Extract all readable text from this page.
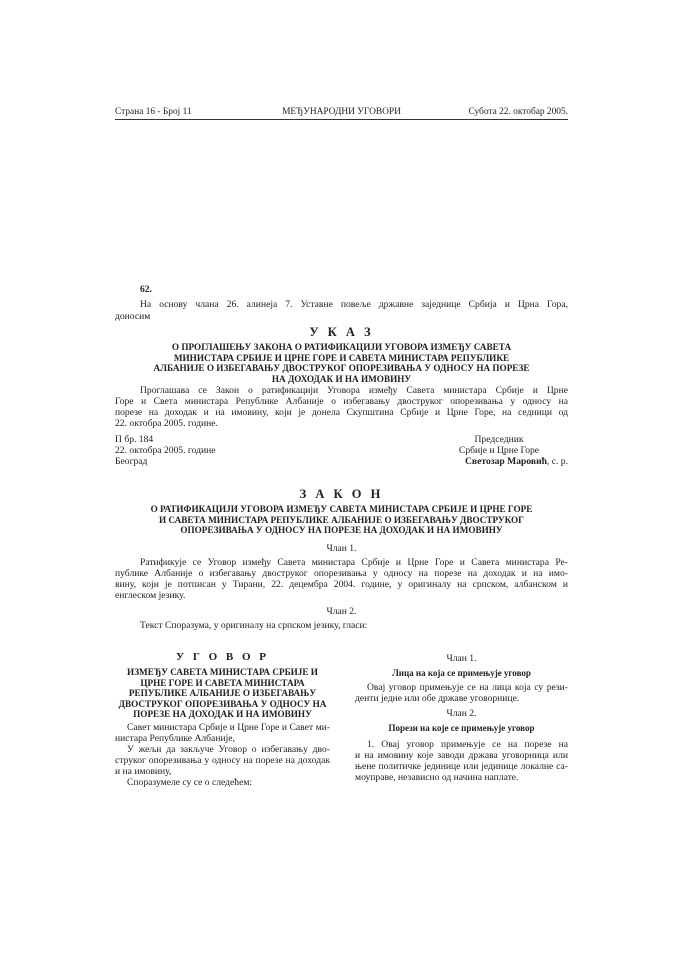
Страна 16 - Број 11	МЕЂУНАРОДНИ УГОВОРИ	Субота 22. октобар 2005.
62.
На основу члана 26. алинеја 7. Уставне повеље државне заједнице Србија и Црна Гора,
доносим
У К А З
О ПРОГЛАШЕЊУ ЗАКОНА О РАТИФИКАЦИЈИ УГОВОРА ИЗМЕЂУ САВЕТА
МИНИСТАРА СРБИЈЕ И ЦРНЕ ГОРЕ И САВЕТА МИНИСТАРА РЕПУБЛИКЕ
АЛБАНИЈЕ О ИЗБЕГАВАЊУ ДВОСТРУКОГ ОПОРЕЗИВАЊА У ОДНОСУ НА ПОРЕЗЕ
НА ДОХОДАК И НА ИМОВИНУ
Проглашава се Закон о ратификацији Уговора између Савета министара Србије и Црне
Горе и Света министара Републике Албаније о избегавању двоструког опорезивања у односу на
порезе на доходак и на имовину, који је донела Скупштина Србије и Црне Горе, на седници од
22. октобра 2005. године.
П бр. 184
22. октобра 2005. године
Београд
Председник
Србије и Црне Горе
Светозар Маровић, с. р.
З А К О Н
О РАТИФИКАЦИЈИ УГОВОРА ИЗМЕЂУ САВЕТА МИНИСТАРА СРБИЈЕ И ЦРНЕ ГОРЕ
И САВЕТА МИНИСТАРА РЕПУБЛИКЕ АЛБАНИЈЕ О ИЗБЕГАВАЊУ ДВОСТРУКОГ
ОПОРЕЗИВАЊА У ОДНОСУ НА ПОРЕЗЕ НА ДОХОДАК И НА ИМОВИНУ
Члан 1.
Ратификује се Уговор између Савета министара Србије и Црне Горе и Савета министара Ре-
публике Албаније о избегавању двоструког опорезивања у односу на порезе на доходак и на имо-
вину, који је потписан у Тирани, 22. децембра 2004. године, у оригиналу на српском, албанском и
енглеском језику.
Члан 2.
Текст Споразума, у оригиналу на српском језику, гласи:
У Г О В О Р
ИЗМЕЂУ САВЕТА МИНИСТАРА СРБИЈЕ И
ЦРНЕ ГОРЕ И САВЕТА МИНИСТАРА
РЕПУБЛИКЕ АЛБАНИЈЕ О ИЗБЕГАВАЊУ
ДВОСТРУКОГ ОПОРЕЗИВАЊА У ОДНОСУ НА
ПОРЕЗЕ НА ДОХОДАК И НА ИМОВИНУ
Савет министара Србије и Црне Горе и Савет ми-
нистара Републике Албаније,
У жељи да закључе Уговор о избегавању дво-
струког опорезивања у односу на порезе на доходак
и на имовину,
Споразумеле су се о следећем:
Члан 1.
Лица на која се примењује уговор
Овај уговор примењује се на лица која су рези-
денти једне или обе државе уговорнице.
Члан 2.
Порези на које се примењује уговор
1. Овај уговор примењује се на порезе на
и на имовину које заводи држава уговорница или
њене политичке јединице или јединице локалне са-
моуправе, независно од начина наплате.
